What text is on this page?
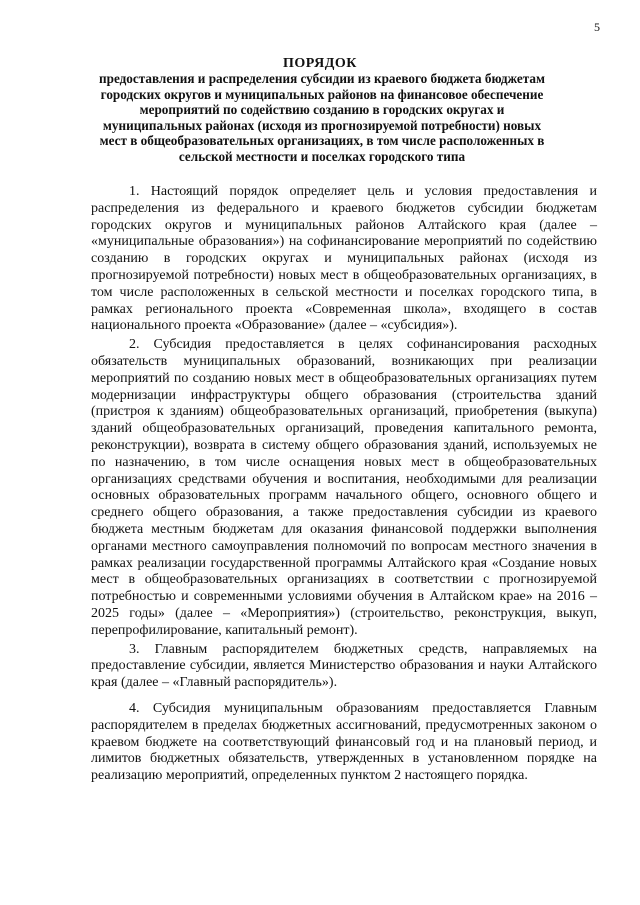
5
ПОРЯДОК
предоставления и распределения субсидии из краевого бюджета бюджетам городских округов и муниципальных районов на финансовое обеспечение мероприятий по содействию созданию в городских округах и муниципальных районах (исходя из прогнозируемой потребности) новых мест в общеобразовательных организациях, в том числе расположенных в сельской местности и поселках городского типа

1. Настоящий порядок определяет цель и условия предоставления и распределения из федерального и краевого бюджетов субсидии бюджетам городских округов и муниципальных районов Алтайского края (далее – «муниципальные образования») на софинансирование мероприятий по содействию созданию в городских округах и муниципальных районах (исходя из прогнозируемой потребности) новых мест в общеобразовательных организациях, в том числе расположенных в сельской местности и поселках городского типа, в рамках регионального проекта «Современная школа», входящего в состав национального проекта «Образование» (далее – «субсидия»).

2. Субсидия предоставляется в целях софинансирования расходных обязательств муниципальных образований, возникающих при реализации мероприятий по созданию новых мест в общеобразовательных организациях путем модернизации инфраструктуры общего образования (строительства зданий (пристроя к зданиям) общеобразовательных организаций, приобретения (выкупа) зданий общеобразовательных организаций, проведения капитального ремонта, реконструкции), возврата в систему общего образования зданий, используемых не по назначению, в том числе оснащения новых мест в общеобразовательных организациях средствами обучения и воспитания, необходимыми для реализации основных образовательных программ начального общего, основного общего и среднего общего образования, а также предоставления субсидии из краевого бюджета местным бюджетам для оказания финансовой поддержки выполнения органами местного самоуправления полномочий по вопросам местного значения в рамках реализации государственной программы Алтайского края «Создание новых мест в общеобразовательных организациях в соответствии с прогнозируемой потребностью и современными условиями обучения в Алтайском крае» на 2016 – 2025 годы» (далее – «Мероприятия») (строительство, реконструкция, выкуп, перепрофилирование, капитальный ремонт).

3. Главным распорядителем бюджетных средств, направляемых на предоставление субсидии, является Министерство образования и науки Алтайского края (далее – «Главный распорядитель»).

4. Субсидия муниципальным образованиям предоставляется Главным распорядителем в пределах бюджетных ассигнований, предусмотренных законом о краевом бюджете на соответствующий финансовый год и на плановый период, и лимитов бюджетных обязательств, утвержденных в установленном порядке на реализацию мероприятий, определенных пунктом 2 настоящего порядка.
